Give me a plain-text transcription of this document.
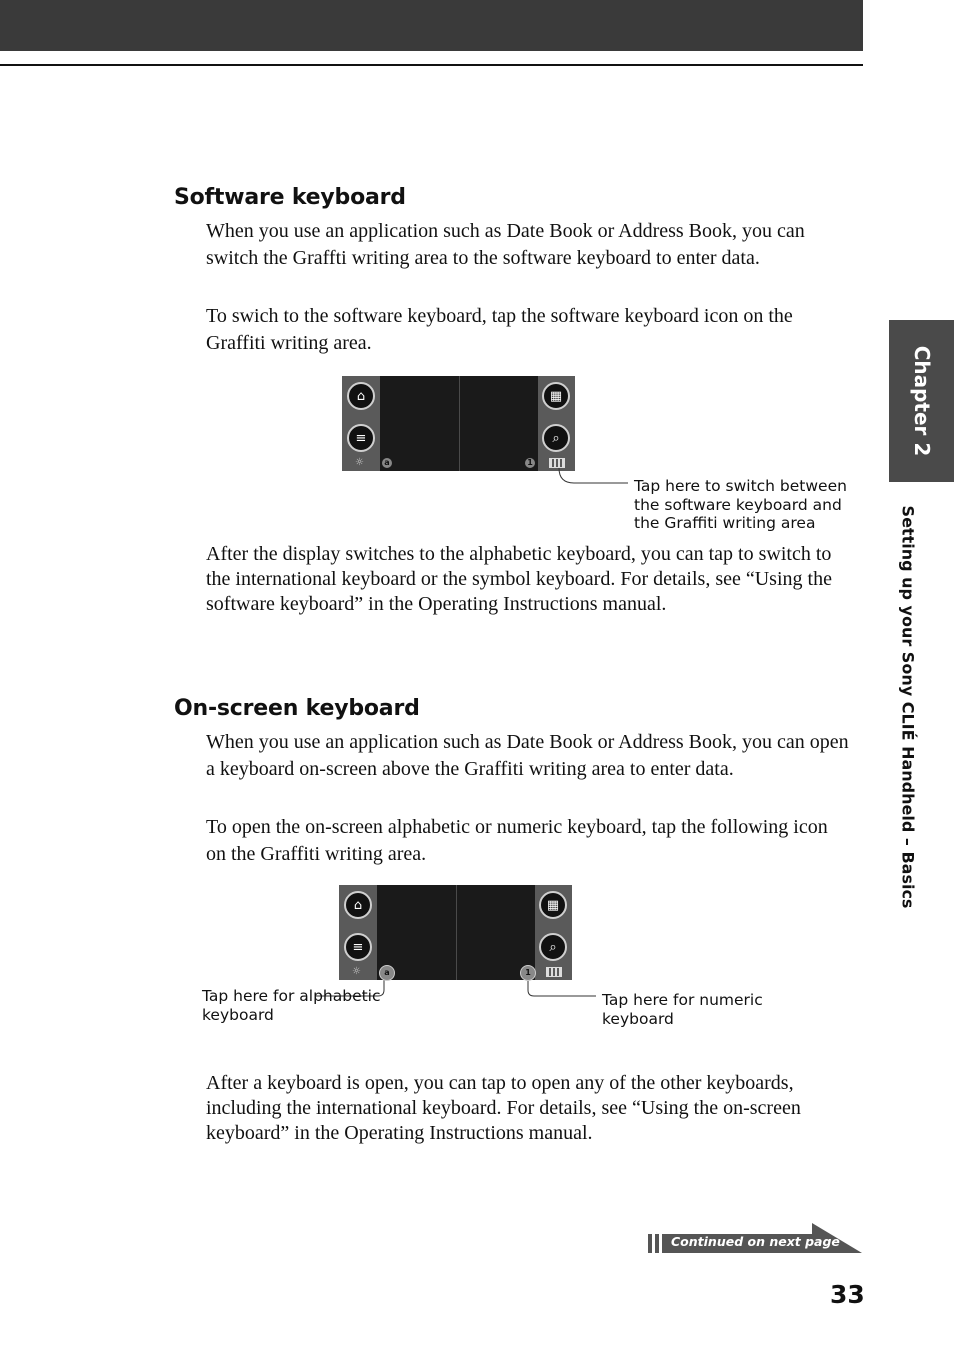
Software keyboard

When you use an application such as Date Book or Address Book, you can switch the Graffti writing area to the software keyboard to enter data.

To swich to the software keyboard, tap the software keyboard icon on the Graffiti writing area.

⌂
≡
▦
⌕
☼	a	1
Tap here to switch between the software keyboard and the Graffiti writing area

After the display switches to the alphabetic keyboard, you can tap to switch to the international keyboard or the symbol keyboard. For details, see “Using the software keyboard” in the Operating Instructions manual.

On-screen keyboard

When you use an application such as Date Book or Address Book, you can open a keyboard on-screen above the Graffiti writing area to enter data.

To open the on-screen alphabetic or numeric keyboard, tap the following icon on the Graffiti writing area.

⌂
≡
▦
⌕
☼	a	1
Tap here for alphabetic keyboard
Tap here for numeric keyboard

After a keyboard is open, you can tap to open any of the other keyboards, including the international keyboard. For details, see “Using the on-screen keyboard” in the Operating Instructions manual.

Chapter 2
Setting up your Sony CLIÉ Handheld – Basics
Continued on next page
33
